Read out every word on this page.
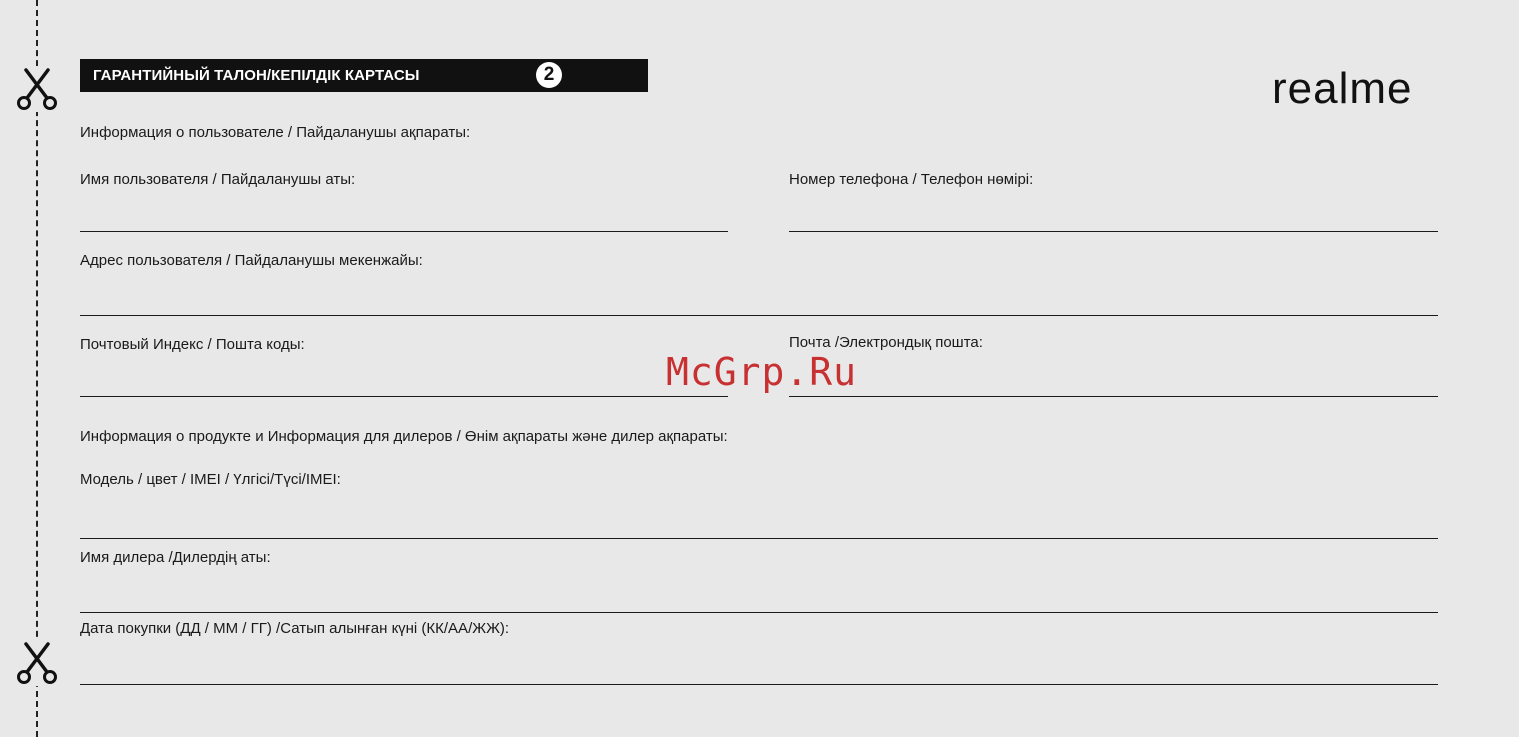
ГАРАНТИЙНЫЙ ТАЛОН/КЕПІЛДІК КАРТАСЫ	2	realme
Информация о пользователе / Пайдаланушы ақпараты:
Имя пользователя / Пайдаланушы аты:	Номер телефона / Телефон нөмірі:
Адрес пользователя / Пайдаланушы мекенжайы:
Почтовый Индекс / Пошта коды:	Почта /Электрондық пошта:
Информация о продукте и Информация для дилеров / Өнім ақпараты және дилер ақпараты:
Модель / цвет / IMEI / Үлгісі/Түсі/IMEI:
Имя дилера /Дилердің аты:
Дата покупки (ДД / ММ / ГГ) /Сатып алынған күні (КК/АА/ЖЖ):
McGrp.Ru
